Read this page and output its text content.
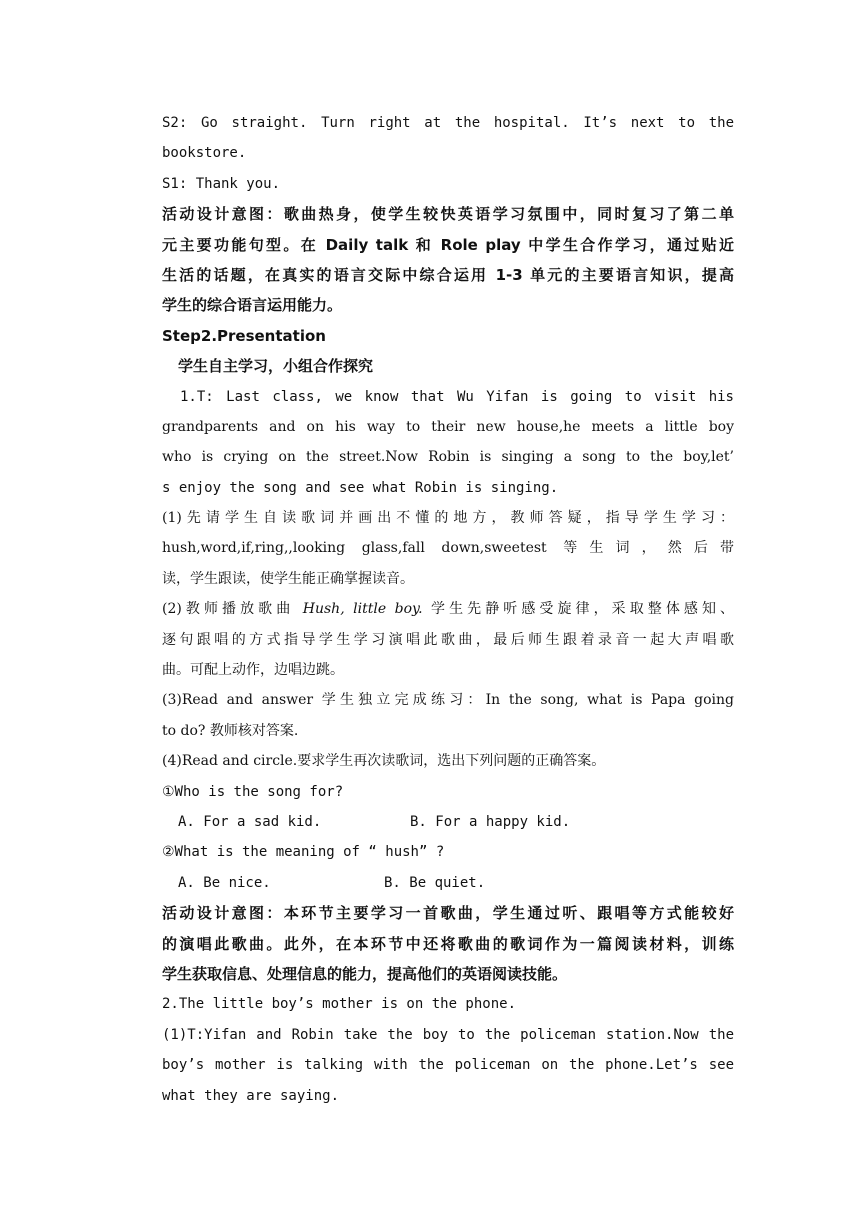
S2: Go straight. Turn right at the hospital. It’s next to the
bookstore.
S1: Thank you.
活动设计意图：歌曲热身，使学生较快英语学习氛围中，同时复习了第二单
元主要功能句型。在 Daily talk 和 Role play 中学生合作学习，通过贴近
生活的话题，在真实的语言交际中综合运用 1-3 单元的主要语言知识，提高
学生的综合语言运用能力。
Step2.Presentation
学生自主学习，小组合作探究
1.T: Last class, we know that Wu Yifan is going to visit his
grandparents and on his way to their new house,he meets a little boy
who is crying on the street.Now Robin is singing a song to the boy,let’
s enjoy the song and see what Robin is singing.
(1)先请学生自读歌词并画出不懂的地方，教师答疑，指导学生学习：
hush,word,if,ring,,looking glass,fall down,sweetest 等生词，然后带
读，学生跟读，使学生能正确掌握读音。
(2)教师播放歌曲 Hush, little boy. 学生先静听感受旋律，采取整体感知、
逐句跟唱的方式指导学生学习演唱此歌曲，最后师生跟着录音一起大声唱歌
曲。可配上动作，边唱边跳。
(3)Read and answer 学生独立完成练习：In the song, what is Papa going
to do? 教师核对答案.
(4)Read and circle.要求学生再次读歌词，选出下列问题的正确答案。
①Who is the song for?
A. For a sad kid.	B. For a happy kid.
②What is the meaning of “ hush” ?
A. Be nice.	B. Be quiet.
活动设计意图：本环节主要学习一首歌曲，学生通过听、跟唱等方式能较好
的演唱此歌曲。此外，在本环节中还将歌曲的歌词作为一篇阅读材料，训练
学生获取信息、处理信息的能力，提高他们的英语阅读技能。
2.The little boy’s mother is on the phone.
(1)T:Yifan and Robin take the boy to the policeman station.Now the
boy’s mother is talking with the policeman on the phone.Let’s see
what they are saying.
